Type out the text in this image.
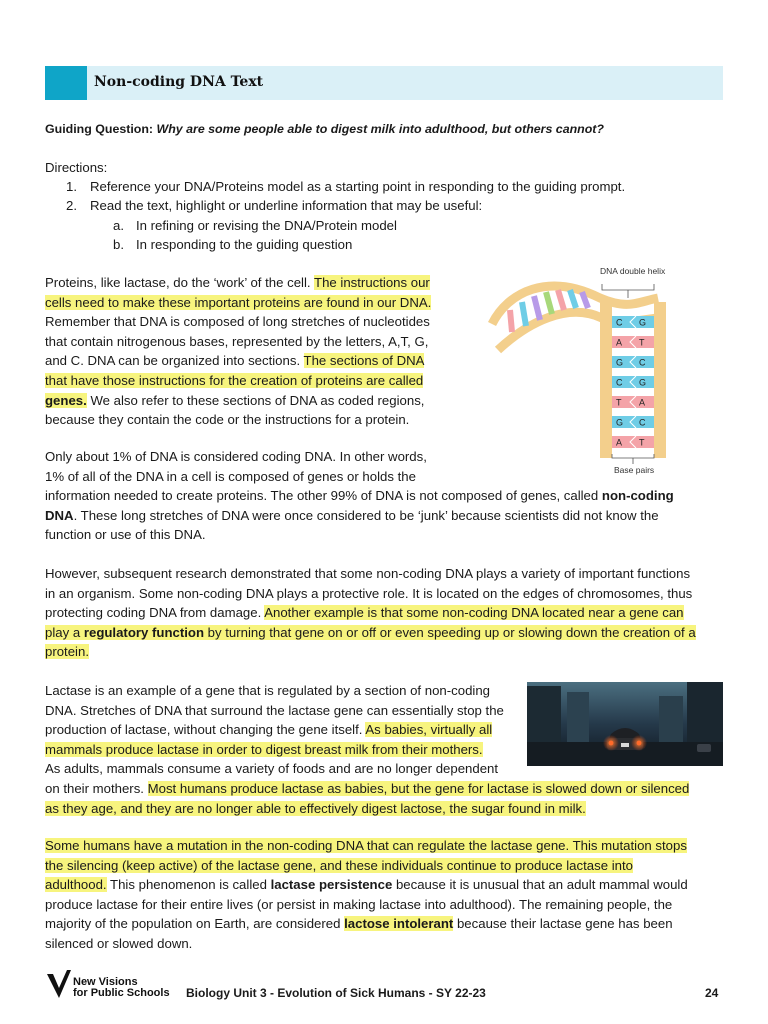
Non-coding DNA Text
Guiding Question: Why are some people able to digest milk into adulthood, but others cannot?
Directions:
1. Reference your DNA/Proteins model as a starting point in responding to the guiding prompt.
2. Read the text, highlight or underline information that may be useful:
a. In refining or revising the DNA/Protein model
b. In responding to the guiding question
Proteins, like lactase, do the ‘work’ of the cell. The instructions our
cells need to make these important proteins are found in our DNA.
Remember that DNA is composed of long stretches of nucleotides
that contain nitrogenous bases, represented by the letters, A,T, G,
and C. DNA can be organized into sections. The sections of DNA
that have those instructions for the creation of proteins are called
genes. We also refer to these sections of DNA as coded regions,
because they contain the code or the instructions for a protein.
Only about 1% of DNA is considered coding DNA. In other words,
1% of all of the DNA in a cell is composed of genes or holds the
information needed to create proteins. The other 99% of DNA is not composed of genes, called non-coding
DNA. These long stretches of DNA were once considered to be ‘junk’ because scientists did not know the
function or use of this DNA.
However, subsequent research demonstrated that some non-coding DNA plays a variety of important functions
in an organism. Some non-coding DNA plays a protective role. It is located on the edges of chromosomes, thus
protecting coding DNA from damage. Another example is that some non-coding DNA located near a gene can
play a regulatory function by turning that gene on or off or even speeding up or slowing down the creation of a
protein.
Lactase is an example of a gene that is regulated by a section of non-coding
DNA. Stretches of DNA that surround the lactase gene can essentially stop the
production of lactase, without changing the gene itself. As babies, virtually all
mammals produce lactase in order to digest breast milk from their mothers.
As adults, mammals consume a variety of foods and are no longer dependent
on their mothers. Most humans produce lactase as babies, but the gene for lactase is slowed down or silenced
as they age, and they are no longer able to effectively digest lactose, the sugar found in milk.
Some humans have a mutation in the non-coding DNA that can regulate the lactase gene. This mutation stops
the silencing (keep active) of the lactase gene, and these individuals continue to produce lactase into
adulthood. This phenomenon is called lactase persistence because it is unusual that an adult mammal would
produce lactase for their entire lives (or persist in making lactase into adulthood). The remaining people, the
majority of the population on Earth, are considered lactose intolerant because their lactase gene has been
silenced or slowed down.
DNA double helix
C G
A T
G C
C G
T A
G C
A T
Base pairs
New Visions
for Public Schools Biology Unit 3 - Evolution of Sick Humans - SY 22-23	24
